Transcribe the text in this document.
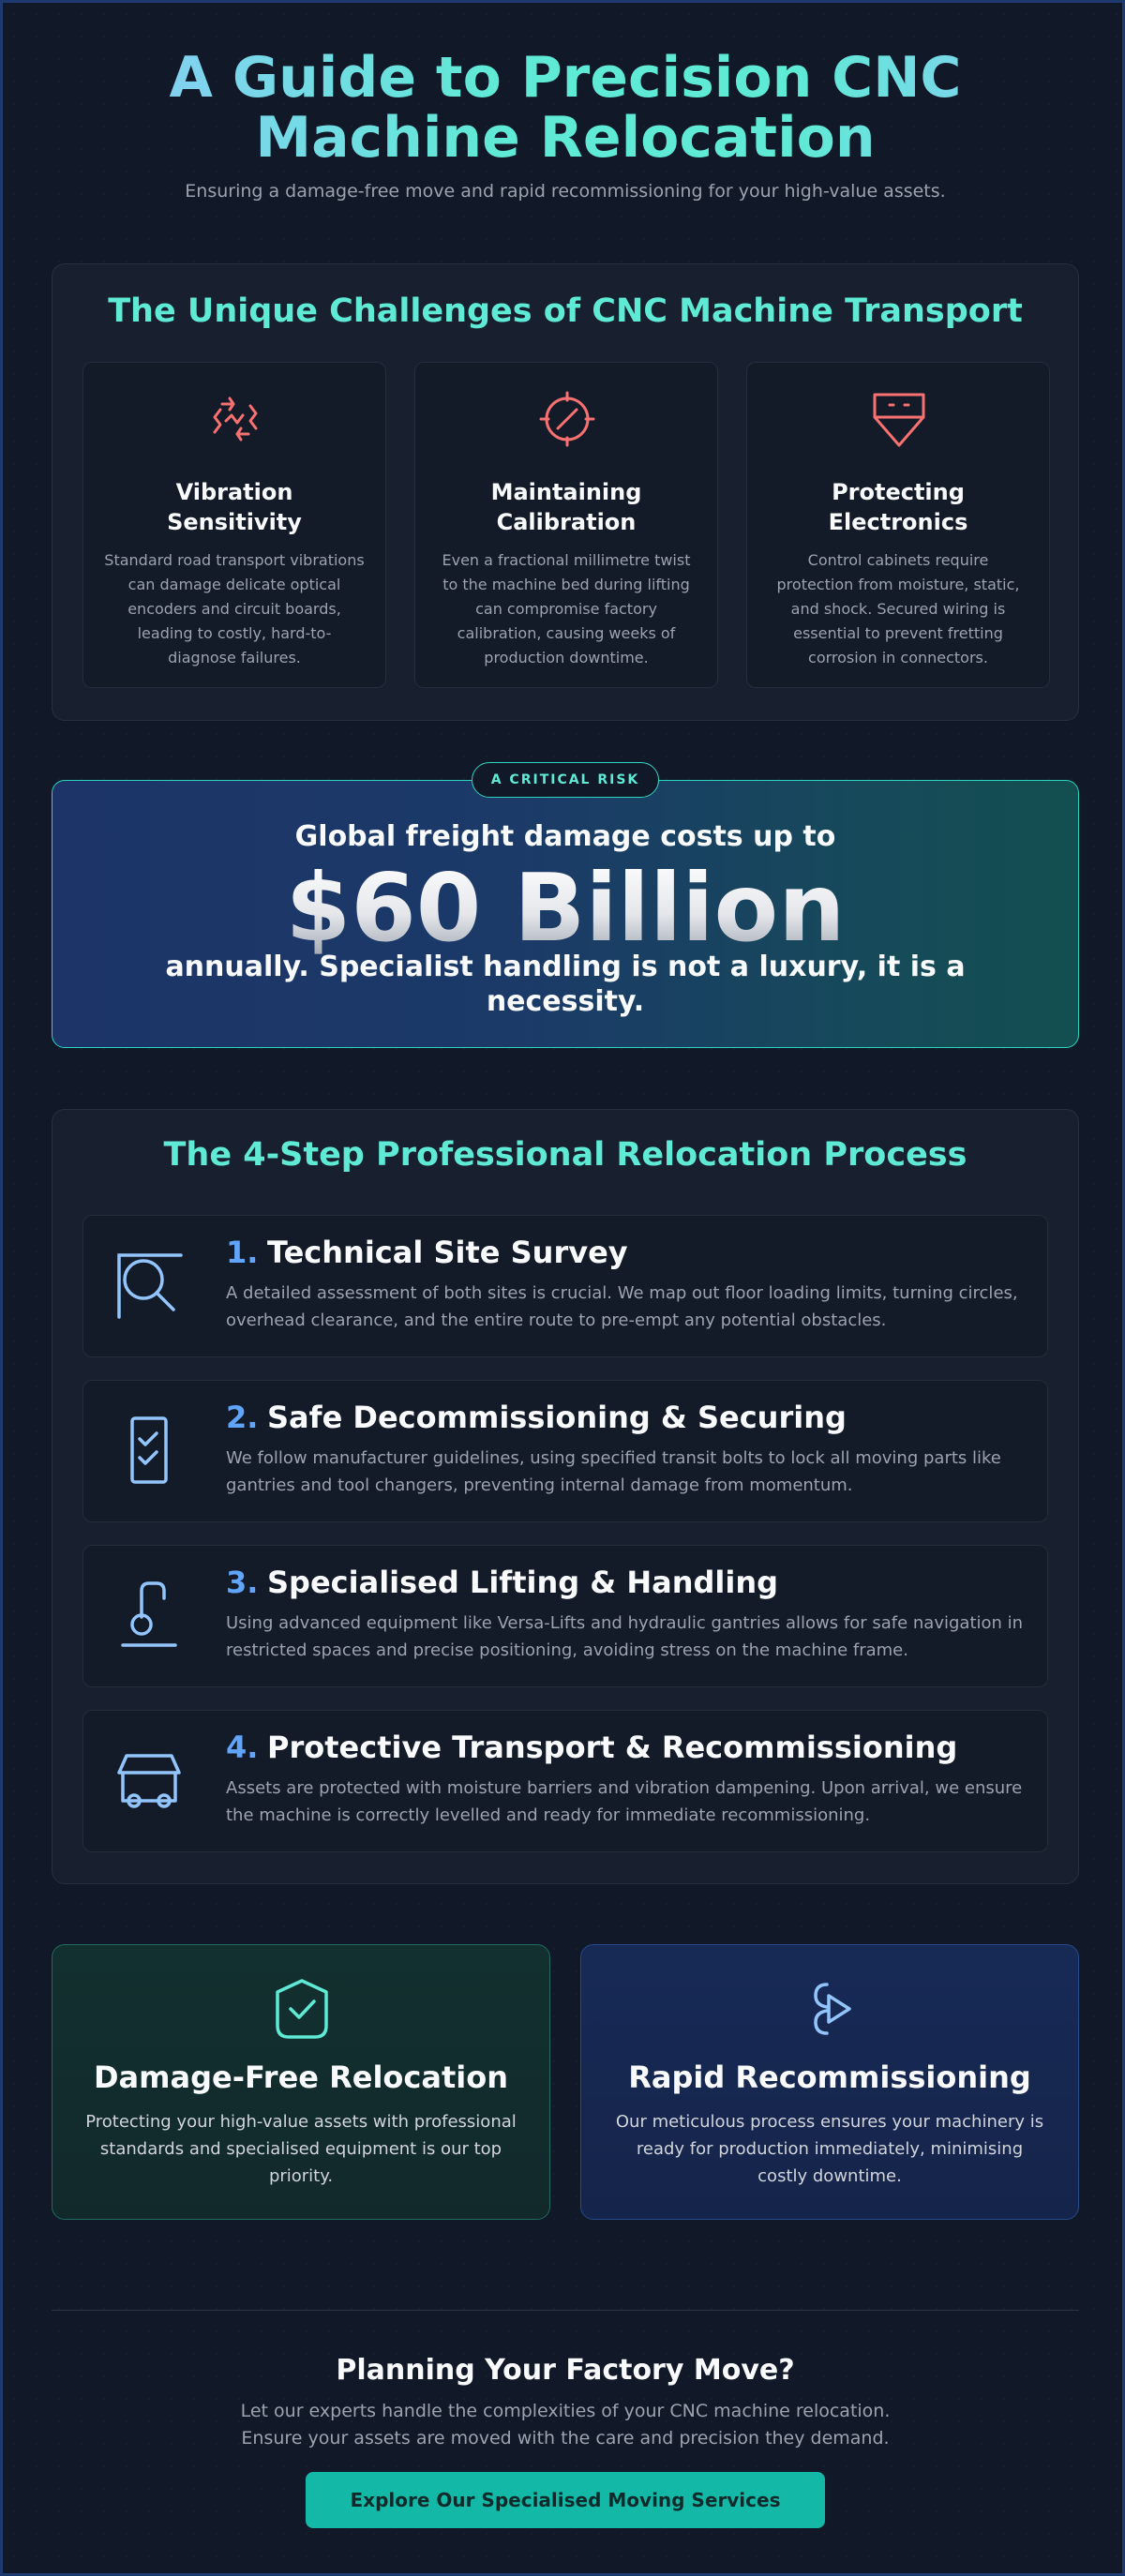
A Guide to Precision CNC
Machine Relocation
Ensuring a damage-free move and rapid recommissioning for your high-value assets.
The Unique Challenges of CNC Machine Transport
Vibration
Sensitivity

Standard road transport vibrations can damage delicate optical encoders and circuit boards, leading to costly, hard-to-diagnose failures.

Maintaining
Calibration

Even a fractional millimetre twist to the machine bed during lifting can compromise factory calibration, causing weeks of production downtime.

Protecting
Electronics

Control cabinets require protection from moisture, static, and shock. Secured wiring is essential to prevent fretting corrosion in connectors.

Global freight damage costs up to
$60 Billion
annually. Specialist handling is not a luxury, it is a necessity.
A CRITICAL RISK

The 4-Step Professional Relocation Process
1. Technical Site Survey

A detailed assessment of both sites is crucial. We map out floor loading limits, turning circles, overhead clearance, and the entire route to pre-empt any potential obstacles.

2. Safe Decommissioning & Securing

We follow manufacturer guidelines, using specified transit bolts to lock all moving parts like gantries and tool changers, preventing internal damage from momentum.

3. Specialised Lifting & Handling

Using advanced equipment like Versa-Lifts and hydraulic gantries allows for safe navigation in restricted spaces and precise positioning, avoiding stress on the machine frame.

4. Protective Transport & Recommissioning

Assets are protected with moisture barriers and vibration dampening. Upon arrival, we ensure the machine is correctly levelled and ready for immediate recommissioning.

Damage-Free Relocation

Protecting your high-value assets with professional standards and specialised equipment is our top priority.

Rapid Recommissioning

Our meticulous process ensures your machinery is ready for production immediately, minimising costly downtime.

Planning Your Factory Move?
Let our experts handle the complexities of your CNC machine relocation. Ensure your assets are moved with the care and precision they demand.
Explore Our Specialised Moving Services
